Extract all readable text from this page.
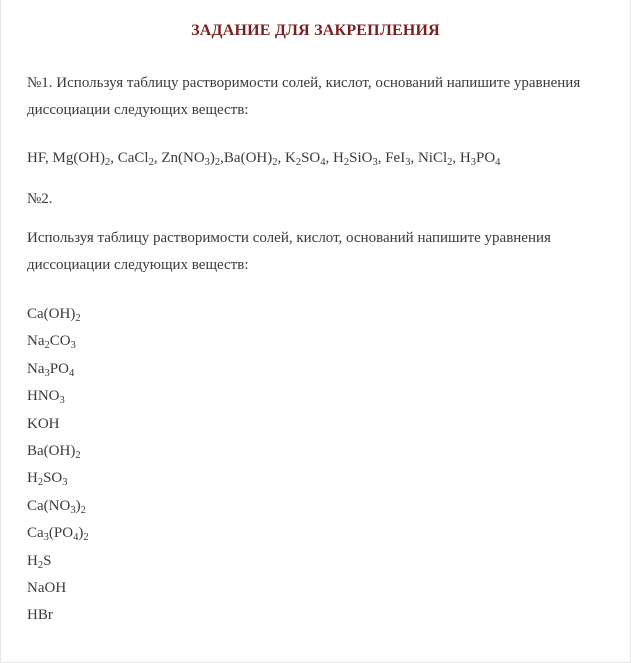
ЗАДАНИЕ ДЛЯ ЗАКРЕПЛЕНИЯ
№1. Используя таблицу растворимости солей, кислот, оснований напишите уравнения
диссоциации следующих веществ:
HF, $Mg(OH)_2$, CaCl$_2$, $Zn(NO_3)_2,Ba(OH)_2$, $K_2SO_4$, $H_2SiO_3$, FeI$_3$, NiCl$_2$, $H_3PO_4$
№2.
Используя таблицу растворимости солей, кислот, оснований напишите уравнения
диссоциации следующих веществ:
$Ca(OH)_2$
$Na_2CO_3$
$Na_3PO_4$
$HNO_3$
KOH
$Ba(OH)_2$
$H_2SO_3$
$Ca(NO_3)_2$
$Ca_3(PO_4)_2$
$H_2S$
NaOH
HBr
